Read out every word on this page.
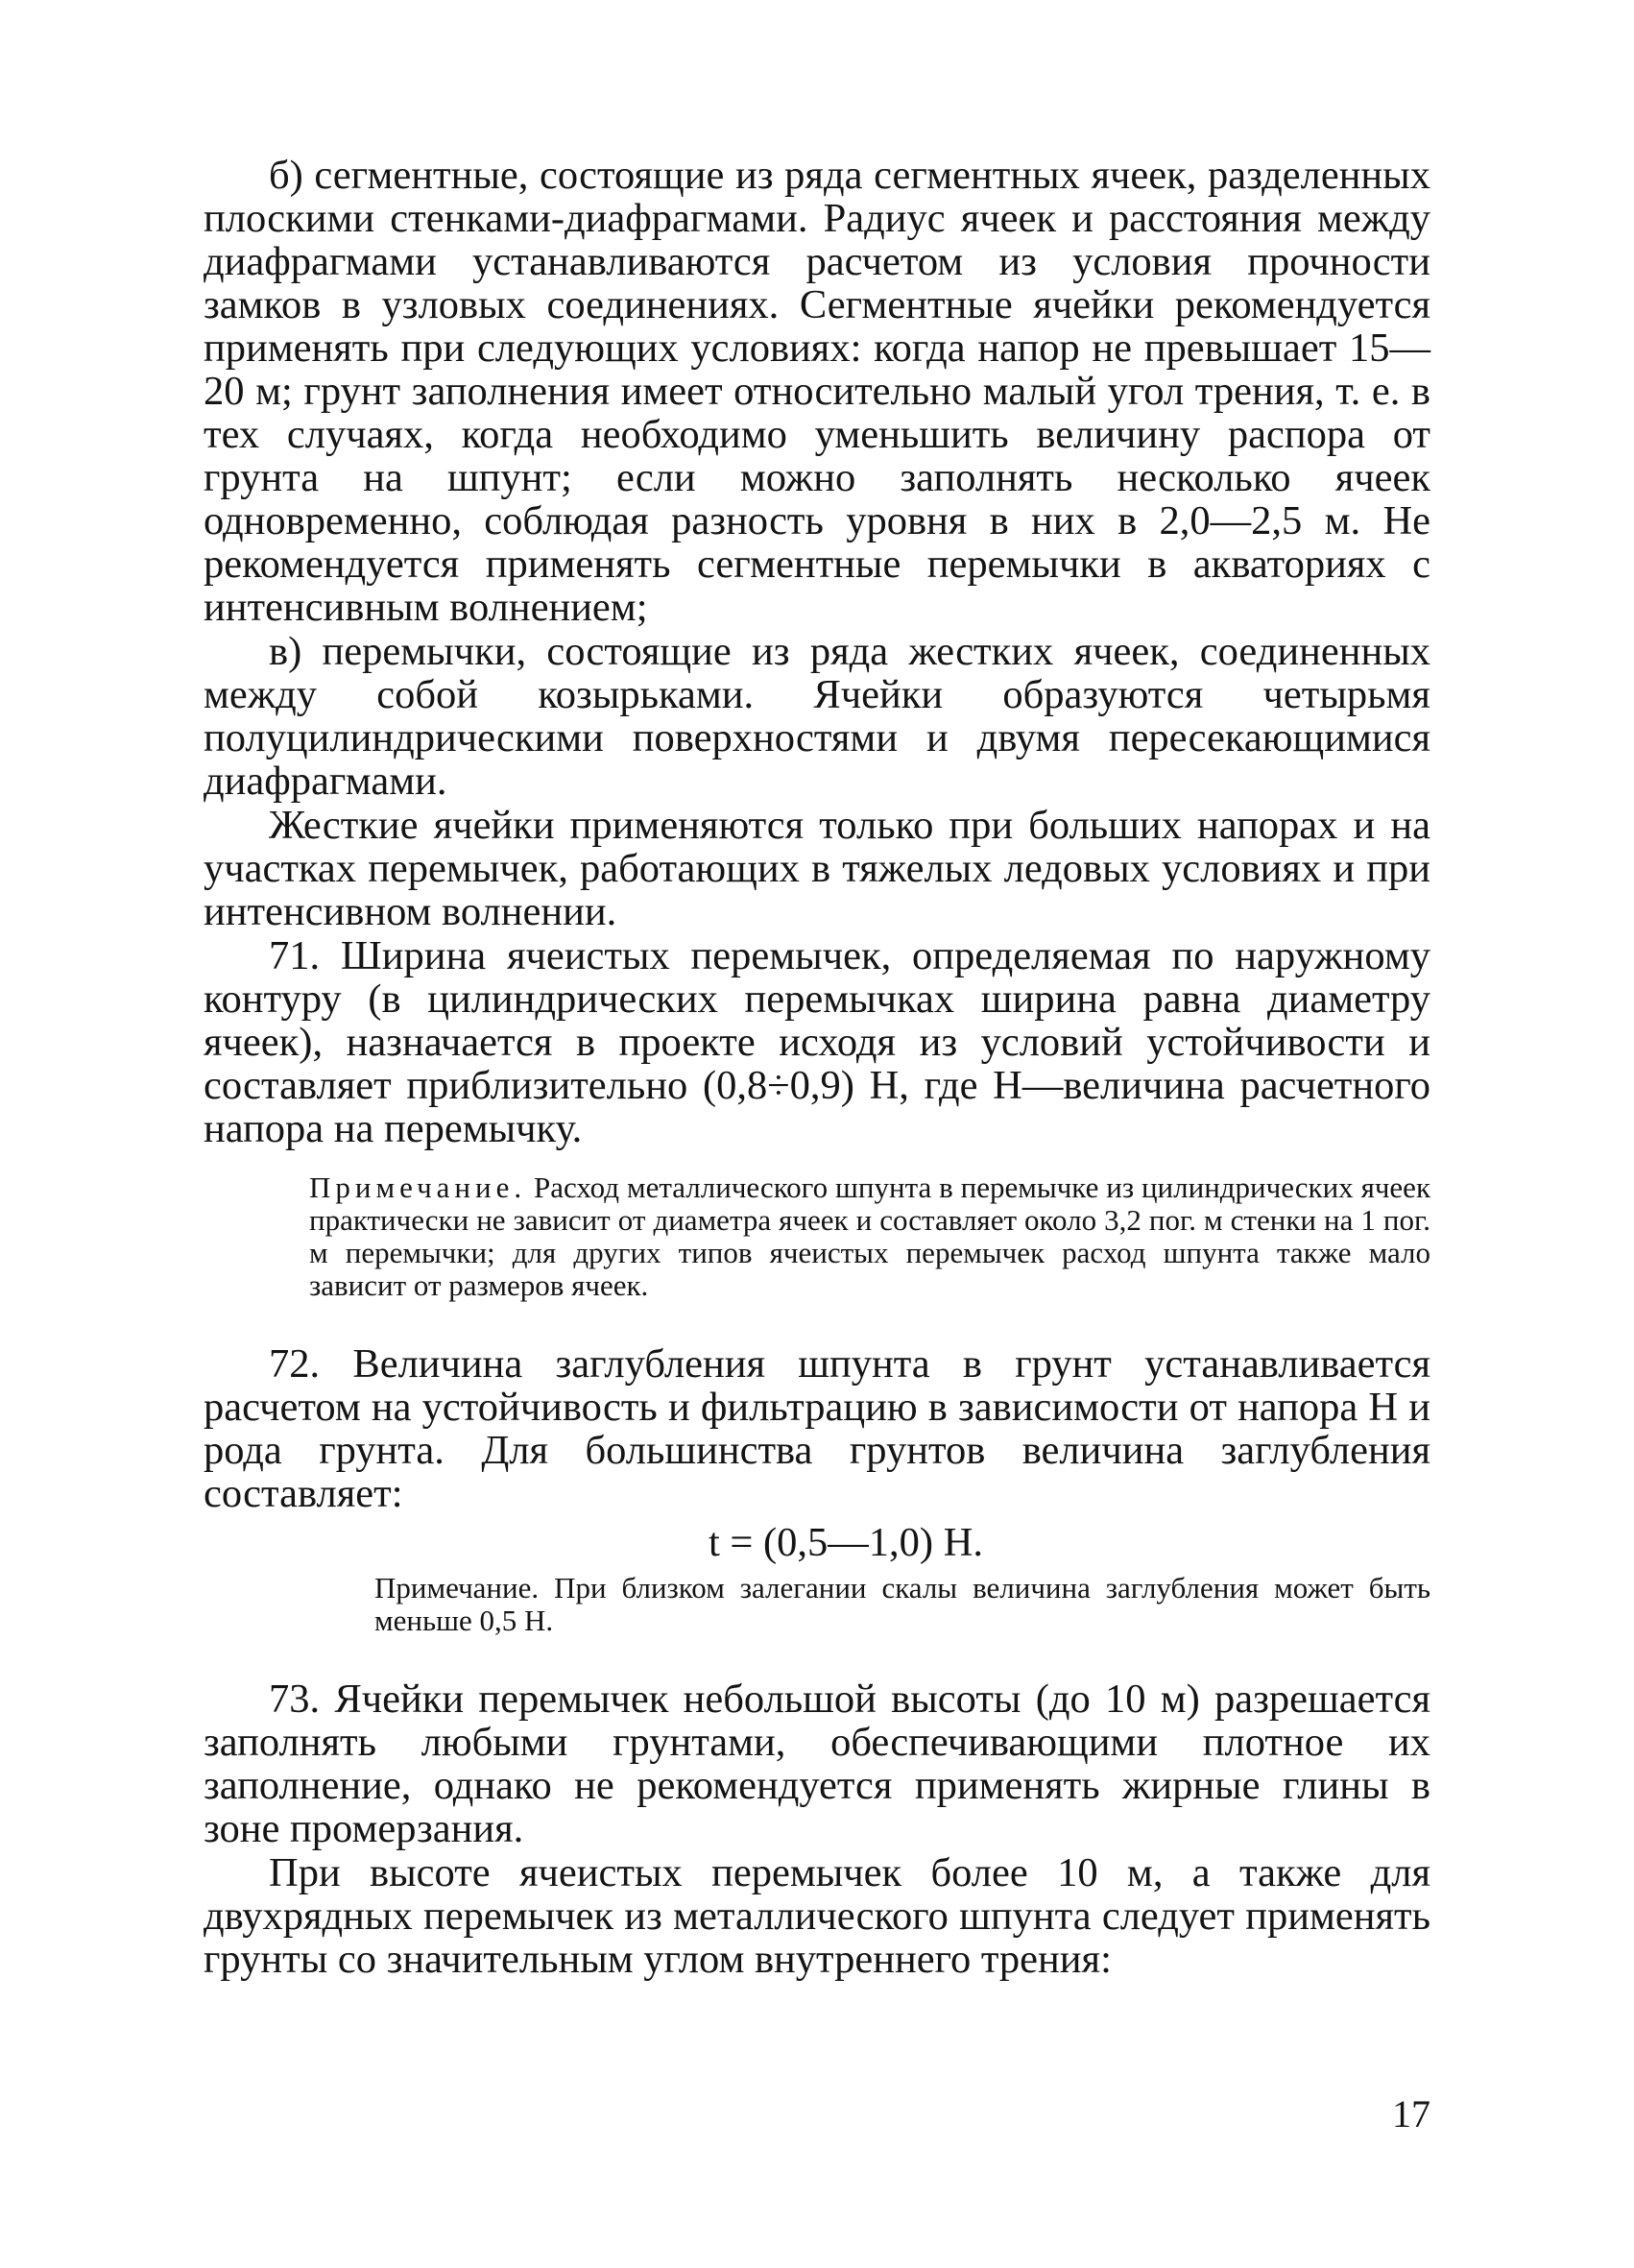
б) сегментные, состоящие из ряда сегментных ячеек, разделенных плоскими стенками-диафрагмами. Радиус ячеек и расстояния между диафрагмами устанавливаются расчетом из условия прочности замков в узловых соединениях. Сегментные ячейки рекомендуется применять при следующих условиях: когда напор не превышает 15—20 м; грунт заполнения имеет относительно малый угол трения, т. е. в тех случаях, когда необходимо уменьшить величину распора от грунта на шпунт; если можно заполнять несколько ячеек одновременно, соблюдая разность уровня в них в 2,0—2,5 м. Не рекомендуется применять сегментные перемычки в акваториях с интенсивным волнением;

в) перемычки, состоящие из ряда жестких ячеек, соединенных между собой козырьками. Ячейки образуются четырьмя полуцилиндрическими поверхностями и двумя пересекающимися диафрагмами.

Жесткие ячейки применяются только при больших напорах и на участках перемычек, работающих в тяжелых ледовых условиях и при интенсивном волнении.

71. Ширина ячеистых перемычек, определяемая по наружному контуру (в цилиндрических перемычках ширина равна диаметру ячеек), назначается в проекте исходя из условий устойчивости и составляет приблизительно (0,8÷0,9) Н, где Н—величина расчетного напора на перемычку.

Примечание. Расход металлического шпунта в перемычке из цилиндрических ячеек практически не зависит от диаметра ячеек и составляет около 3,2 пог. м стенки на 1 пог. м перемычки; для других типов ячеистых перемычек расход шпунта также мало зависит от размеров ячеек.

72. Величина заглубления шпунта в грунт устанавливается расчетом на устойчивость и фильтрацию в зависимости от напора Н и рода грунта. Для большинства грунтов величина заглубления составляет:

t = (0,5—1,0) Н.

Примечание. При близком залегании скалы величина заглубления может быть меньше 0,5 Н.

73. Ячейки перемычек небольшой высоты (до 10 м) разрешается заполнять любыми грунтами, обеспечивающими плотное их заполнение, однако не рекомендуется применять жирные глины в зоне промерзания.

При высоте ячеистых перемычек более 10 м, а также для двухрядных перемычек из металлического шпунта следует применять грунты со значительным углом внутреннего трения:

17
